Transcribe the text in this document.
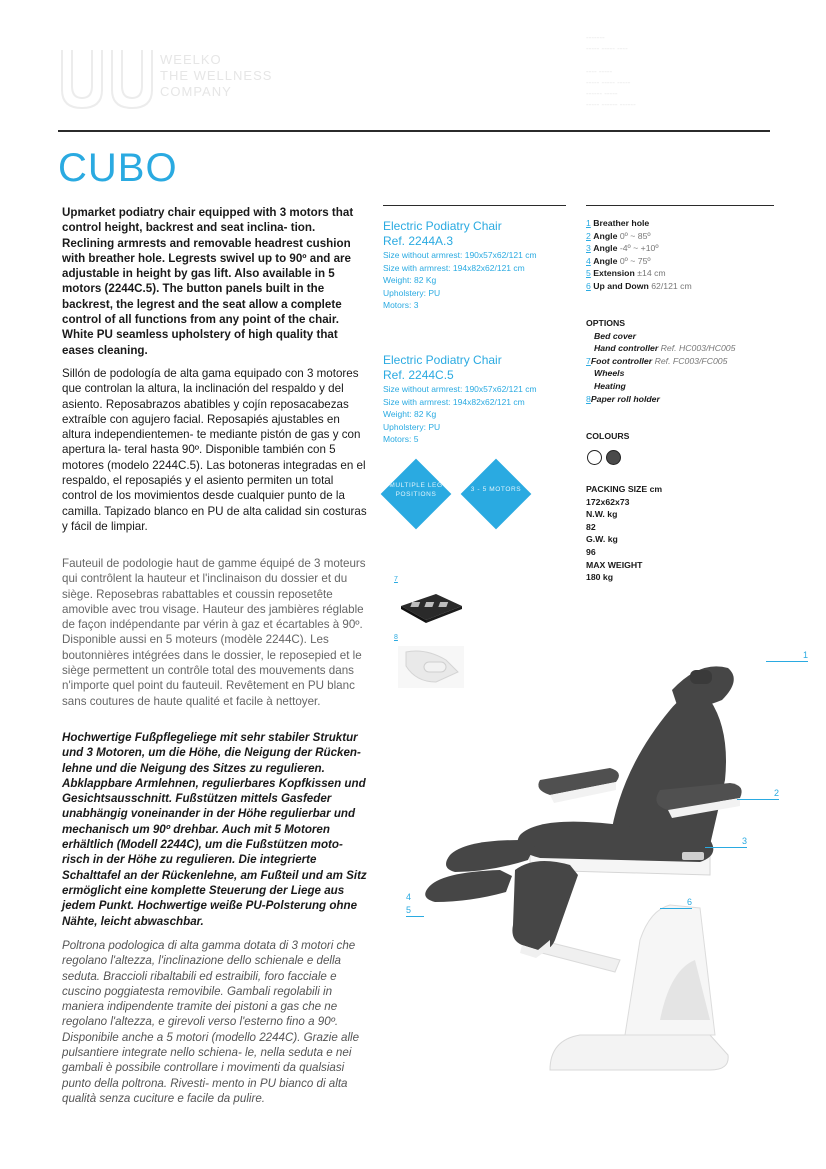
WEELKO
THE WELLNESS
COMPANY
-------
----- ----- ----
---- -----
----- ----- -----
------ -----
----- ------ ------
CUBO
Upmarket podiatry chair equipped with 3 motors that control height, backrest and seat inclina- tion. Reclining armrests and removable headrest cushion with breather hole. Legrests swivel up to 90º and are adjustable in height by gas lift. Also available in 5 motors (2244C.5). The button panels built in the backrest, the legrest and the seat allow a complete control of all functions from any point of the chair. White PU seamless upholstery of high quality that eases cleaning.
Sillón de podología de alta gama equipado con 3 motores que controlan la altura, la inclinación del respaldo y del asiento. Reposabrazos abatibles y cojín reposacabezas extraíble con agujero facial. Reposapiés ajustables en altura independientemen- te mediante pistón de gas y con apertura la- teral hasta 90º. Disponible también con 5 motores (modelo 2244C.5). Las botoneras integradas en el respaldo, el reposapiés y el asiento permiten un total control de los movimientos desde cualquier punto de la camilla. Tapizado blanco en PU de alta calidad sin costuras y fácil de limpiar.
Fauteuil de podologie haut de gamme équipé de 3 moteurs qui contrôlent la hauteur et l'inclinaison du dossier et du siège. Reposebras rabattables et coussin reposetête amovible avec trou visage. Hauteur des jambières réglable de façon indépendante par vérin à gaz et écartables à 90º. Disponible aussi en 5 moteurs (modèle 2244C). Les boutonnières intégrées dans le dossier, le reposepied et le siège permettent un contrôle total des mouvements dans n'importe quel point du fauteuil. Revêtement en PU blanc sans coutures de haute qualité et facile à nettoyer.
Hochwertige Fußpflegeliege mit sehr stabiler Struktur und 3 Motoren, um die Höhe, die Neigung der Rücken- lehne und die Neigung des Sitzes zu regulieren. Abklappbare Armlehnen, regulierbares Kopfkissen und Gesichtsausschnitt. Fußstützen mittels Gasfeder unabhängig voneinander in der Höhe regulierbar und mechanisch um 90º drehbar. Auch mit 5 Motoren erhältlich (Modell 2244C), um die Fußstützen moto- risch in der Höhe zu regulieren. Die integrierte Schalttafel an der Rückenlehne, am Fußteil und am Sitz ermöglicht eine komplette Steuerung der Liege aus jedem Punkt. Hochwertige weiße PU-Polsterung ohne Nähte, leicht abwaschbar.
Poltrona podologica di alta gamma dotata di 3 motori che regolano l'altezza, l'inclinazione dello schienale e della seduta. Braccioli ribaltabili ed estraibili, foro facciale e cuscino poggiatesta removibile. Gambali regolabili in maniera indipendente tramite dei pistoni a gas che ne regolano l'altezza, e girevoli verso l'esterno fino a 90º. Disponibile anche a 5 motori (modello 2244C). Grazie alle pulsantiere integrate nello schiena- le, nella seduta e nei gambali è possibile controllare i movimenti da qualsiasi punto della poltrona. Rivesti- mento in PU bianco di alta qualità senza cuciture e facile da pulire.
Electric Podiatry Chair
Ref. 2244A.3
Size without armrest: 190x57x62/121 cm
Size with armrest: 194x82x62/121 cm
Weight: 82 Kg
Upholstery: PU
Motors: 3
Electric Podiatry Chair
Ref. 2244C.5
Size without armrest: 190x57x62/121 cm
Size with armrest: 194x82x62/121 cm
Weight: 82 Kg
Upholstery: PU
Motors: 5
MULTIPLE LEG POSITIONS
3 - 5 MOTORS
7
8
1 Breather hole
2 Angle 0º ~ 85º
3 Angle -4º ~ +10º
4 Angle 0º ~ 75º
5 Extension ±14 cm
6 Up and Down 62/121 cm
OPTIONS
Bed cover
Hand controller Ref. HC003/HC005
7Foot controller Ref. FC003/FC005
Wheels
Heating
8Paper roll holder
COLOURS
PACKING SIZE cm
172x62x73
N.W. kg
82
G.W. kg
96
MAX WEIGHT
180 kg
1
2
3
4
5
6
